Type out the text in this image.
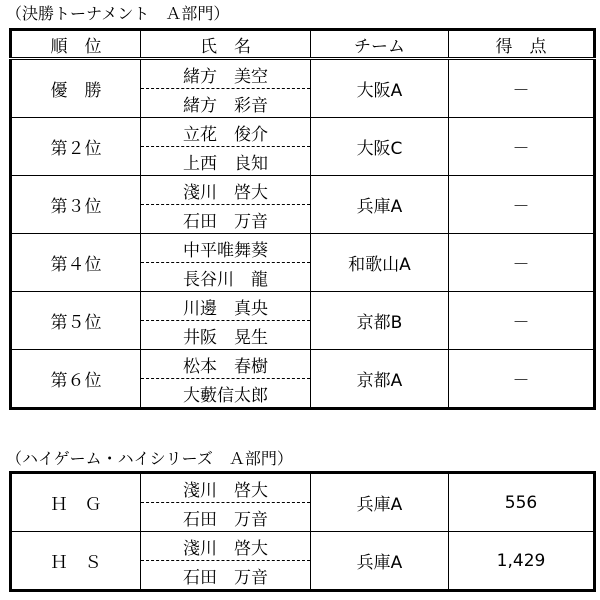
（決勝トーナメント　Ａ部門）
順　位	氏　名	チーム	得　点
優　勝	緒方　美空	大阪A	－
	緒方　彩音		
第２位	立花　俊介	大阪C	－
	上西　良知		
第３位	淺川　啓大	兵庫A	－
	石田　万音		
第４位	中平唯舞葵	和歌山A	－
	長谷川　龍		
第５位	川邊　真央	京都B	－
	井阪　晃生		
第６位	松本　春樹	京都A	－
	大藪信太郎		
（ハイゲーム・ハイシリーズ　Ａ部門）
Ｈ　Ｇ	淺川　啓大	兵庫A	556
	石田　万音		
Ｈ　Ｓ	淺川　啓大	兵庫A	1,429
	石田　万音		
